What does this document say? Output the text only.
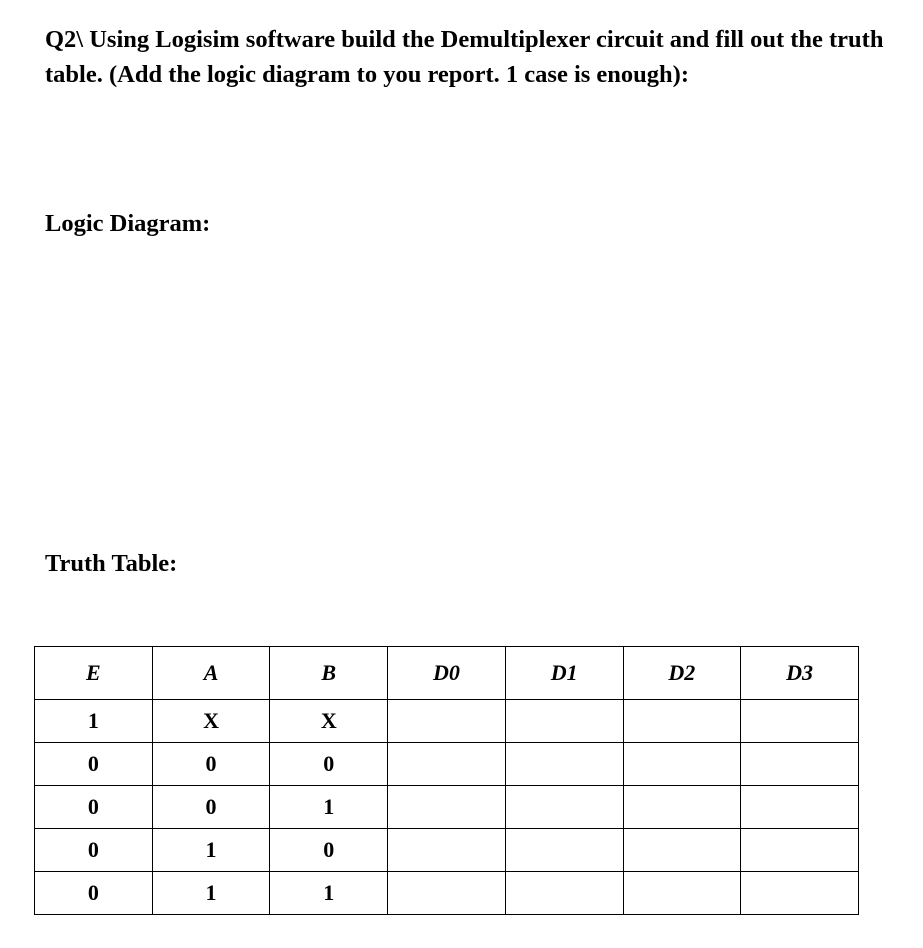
Q2\ Using Logisim software build the Demultiplexer circuit and fill out the truth table. (Add the logic diagram to you report. 1 case is enough):

Logic Diagram:

Truth Table:

E	A	B	D0	D1	D2	D3
1	X	X				
0	0	0				
0	0	1				
0	1	0				
0	1	1				
